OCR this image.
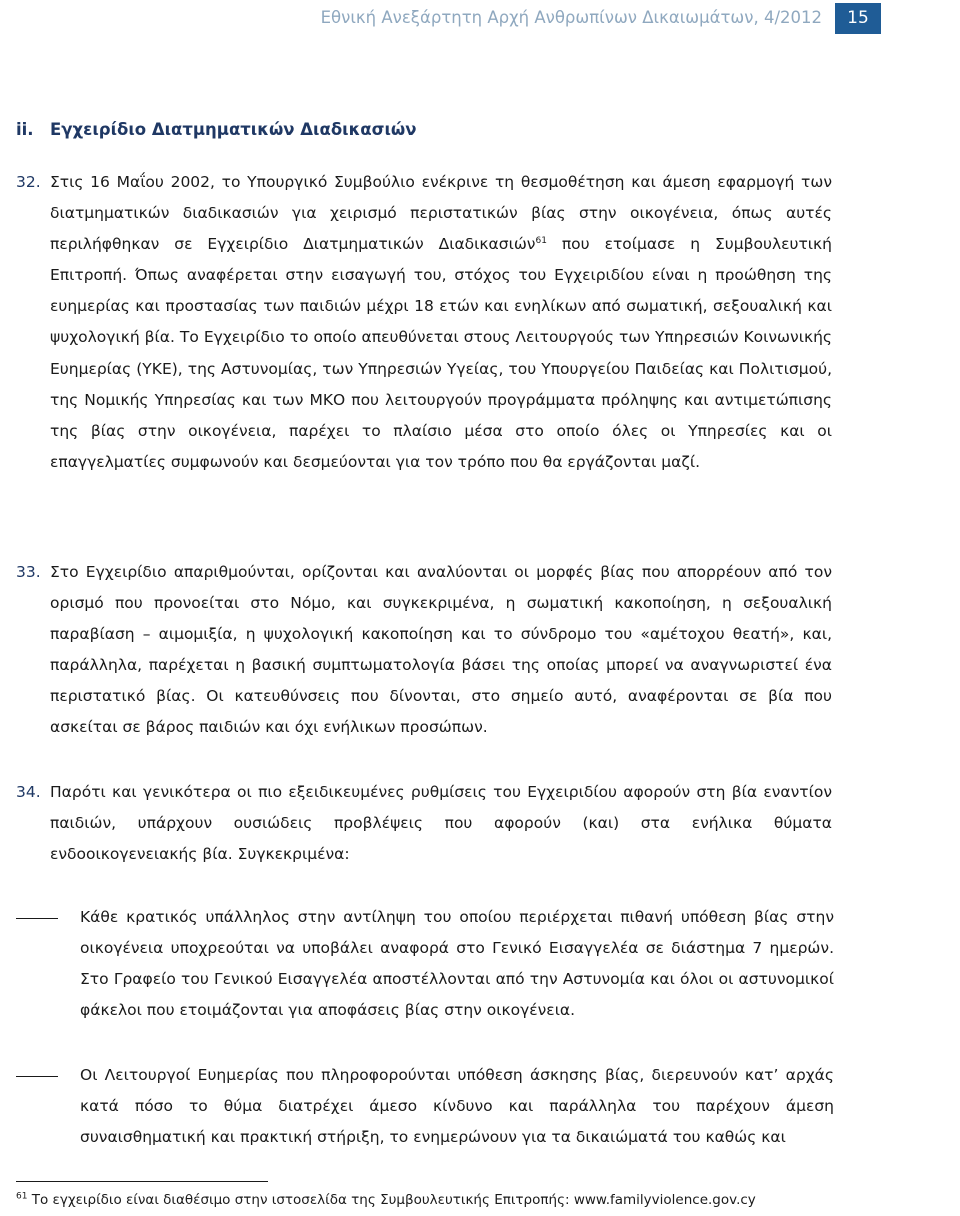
Εθνική Ανεξάρτητη Αρχή Ανθρωπίνων Δικαιωμάτων, 4/2012	15
ii. Εγχειρίδιο Διατμηματικών Διαδικασιών
32. Στις 16 Μαΐου 2002, το Υπουργικό Συμβούλιο ενέκρινε τη θεσμοθέτηση και άμεση εφαρμογή των διατμηματικών διαδικασιών για χειρισμό περιστατικών βίας στην οικογένεια, όπως αυτές περιλήφθηκαν σε Εγχειρίδιο Διατμηματικών Διαδικασιών$^{61}$ που ετοίμασε η Συμβουλευτική Επιτροπή. Όπως αναφέρεται στην εισαγωγή του, στόχος του Εγχειριδίου είναι η προώθηση της ευημερίας και προστασίας των παιδιών μέχρι 18 ετών και ενηλίκων από σωματική, σεξουαλική και ψυχολογική βία. Το Εγχειρίδιο το οποίο απευθύνεται στους Λειτουργούς των Υπηρεσιών Κοινωνικής Ευημερίας (ΥΚΕ), της Αστυνομίας, των Υπηρεσιών Υγείας, του Υπουργείου Παιδείας και Πολιτισμού, της Νομικής Υπηρεσίας και των ΜΚΟ που λειτουργούν προγράμματα πρόληψης και αντιμετώπισης της βίας στην οικογένεια, παρέχει το πλαίσιο μέσα στο οποίο όλες οι Υπηρεσίες και οι επαγγελματίες συμφωνούν και δεσμεύονται για τον τρόπο που θα εργάζονται μαζί.

33. Στο Εγχειρίδιο απαριθμούνται, ορίζονται και αναλύονται οι μορφές βίας που απορρέουν από τον ορισμό που προνοείται στο Νόμο, και συγκεκριμένα, η σωματική κακοποίηση, η σεξουαλική παραβίαση – αιμομιξία, η ψυχολογική κακοποίηση και το σύνδρομο του «αμέτοχου θεατή», και, παράλληλα, παρέχεται η βασική συμπτωματολογία βάσει της οποίας μπορεί να αναγνωριστεί ένα περιστατικό βίας. Οι κατευθύνσεις που δίνονται, στο σημείο αυτό, αναφέρονται σε βία που ασκείται σε βάρος παιδιών και όχι ενήλικων προσώπων.

34. Παρότι και γενικότερα οι πιο εξειδικευμένες ρυθμίσεις του Εγχειριδίου αφορούν στη βία εναντίον παιδιών, υπάρχουν ουσιώδεις προβλέψεις που αφορούν (και) στα ενήλικα θύματα ενδοοικογενειακής βία. Συγκεκριμένα:

Κάθε κρατικός υπάλληλος στην αντίληψη του οποίου περιέρχεται πιθανή υπόθεση βίας στην οικογένεια υποχρεούται να υποβάλει αναφορά στο Γενικό Εισαγγελέα σε διάστημα 7 ημερών. Στο Γραφείο του Γενικού Εισαγγελέα αποστέλλονται από την Αστυνομία και όλοι οι αστυνομικοί φάκελοι που ετοιμάζονται για αποφάσεις βίας στην οικογένεια.

Οι Λειτουργοί Ευημερίας που πληροφορούνται υπόθεση άσκησης βίας, διερευνούν κατ’ αρχάς κατά πόσο το θύμα διατρέχει άμεσο κίνδυνο και παράλληλα του παρέχουν άμεση συναισθηματική και πρακτική στήριξη, το ενημερώνουν για τα δικαιώματά του καθώς και

$^{61}$ Το εγχειρίδιο είναι διαθέσιμο στην ιστοσελίδα της Συμβουλευτικής Επιτροπής: www.familyviolence.gov.cy
